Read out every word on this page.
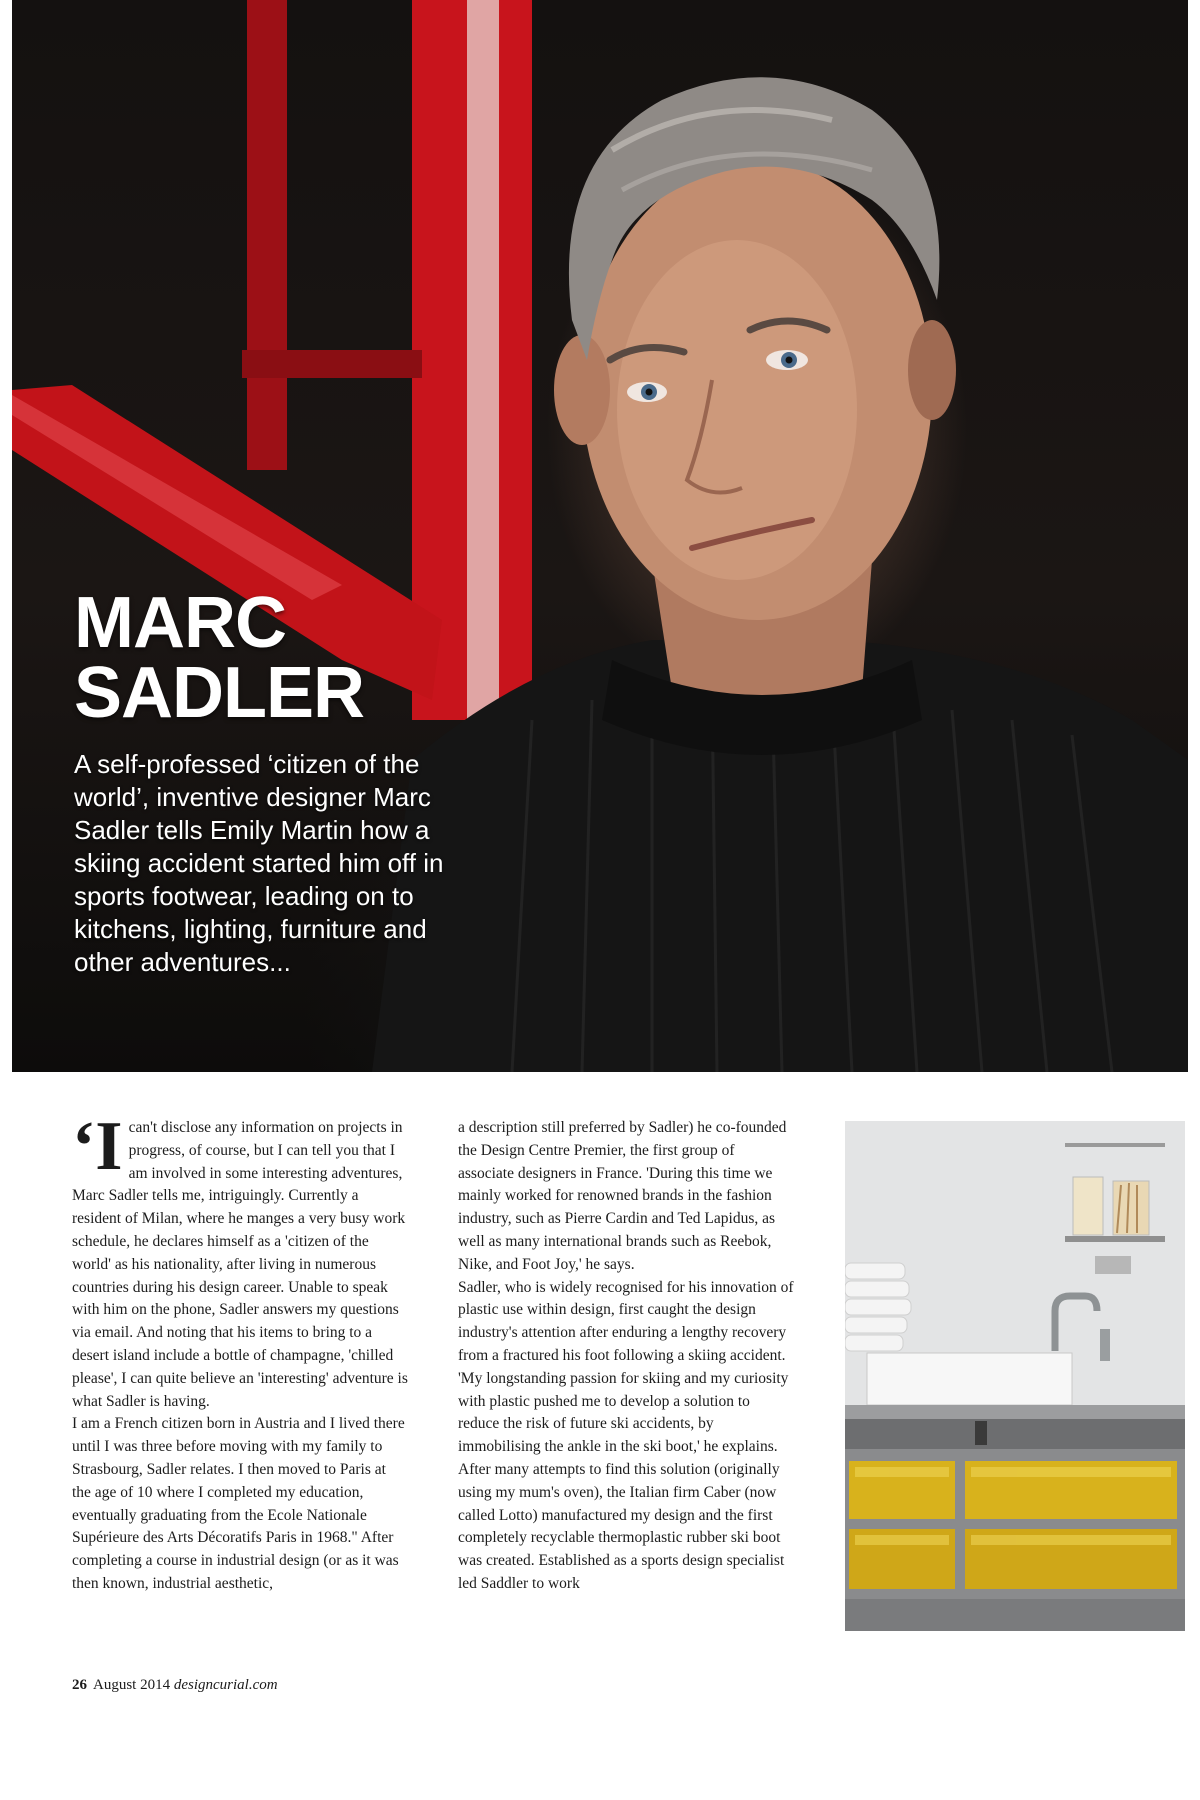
MARC
SADLER

A self-professed ‘citizen of the world’, inventive designer Marc Sadler tells Emily Martin how a skiing accident started him off in sports footwear, leading on to kitchens, lighting, furniture and other adventures...

‘I can't disclose any information on projects in progress, of course, but I can tell you that I am involved in some interesting adventures, Marc Sadler tells me, intriguingly. Currently a resident of Milan, where he manges a very busy work schedule, he declares himself as a 'citizen of the world' as his nationality, after living in numerous countries during his design career. Unable to speak with him on the phone, Sadler answers my questions via email. And noting that his items to bring to a desert island include a bottle of champagne, 'chilled please', I can quite believe an 'interesting' adventure is what Sadler is having.

I am a French citizen born in Austria and I lived there until I was three before moving with my family to Strasbourg, Sadler relates. I then moved to Paris at the age of 10 where I completed my education, eventually graduating from the Ecole Nationale Supérieure des Arts Décoratifs Paris in 1968." After completing a course in industrial design (or as it was then known, industrial aesthetic,

a description still preferred by Sadler) he co-founded the Design Centre Premier, the first group of associate designers in France. 'During this time we mainly worked for renowned brands in the fashion industry, such as Pierre Cardin and Ted Lapidus, as well as many international brands such as Reebok, Nike, and Foot Joy,' he says.

Sadler, who is widely recognised for his innovation of plastic use within design, first caught the design industry's attention after enduring a lengthy recovery from a fractured his foot following a skiing accident. 'My longstanding passion for skiing and my curiosity with plastic pushed me to develop a solution to reduce the risk of future ski accidents, by immobilising the ankle in the ski boot,' he explains. After many attempts to find this solution (originally using my mum's oven), the Italian firm Caber (now called Lotto) manufactured my design and the first completely recyclable thermoplastic rubber ski boot was created. Established as a sports design specialist led Saddler to work

26 August 2014 designcurial.com
